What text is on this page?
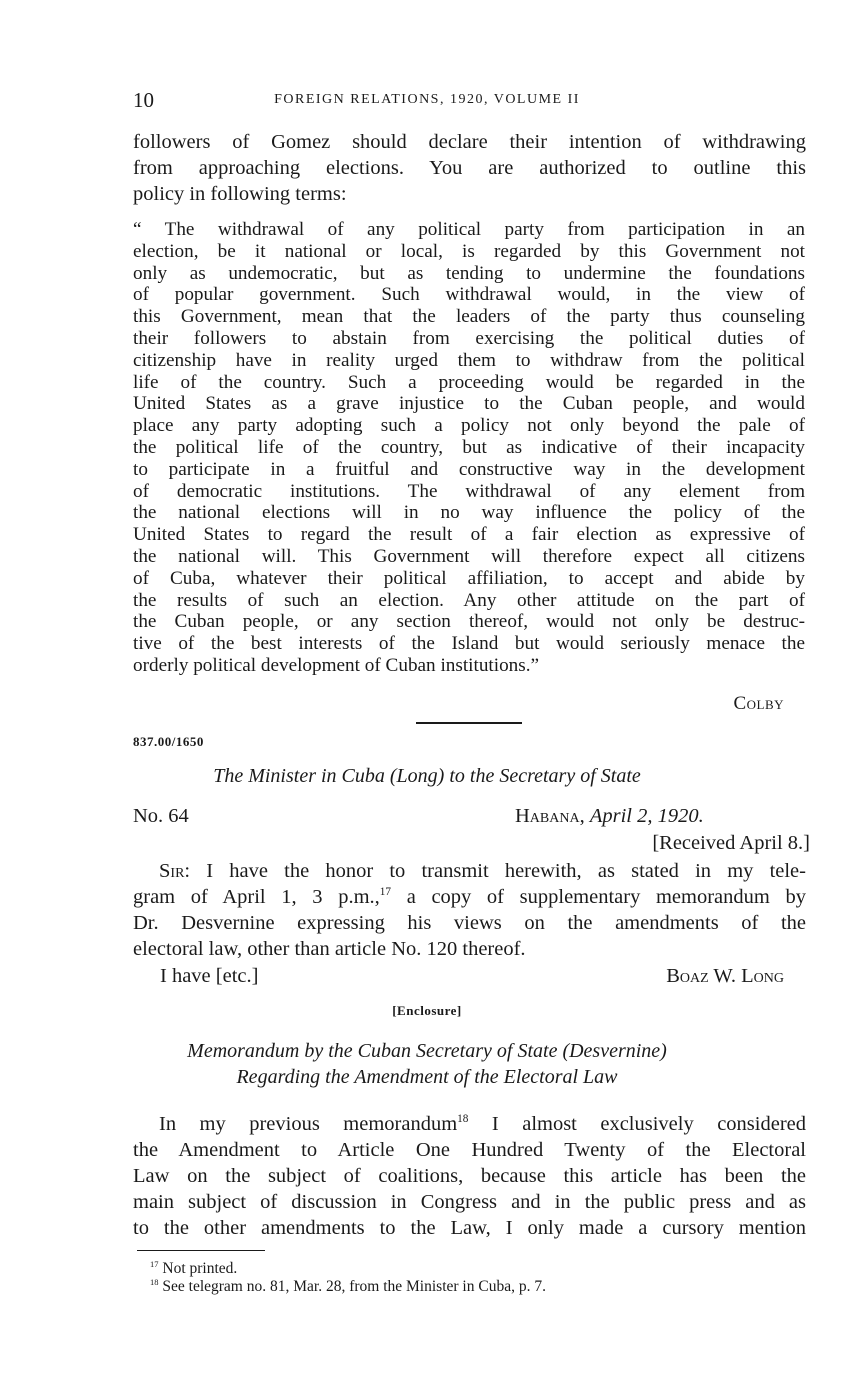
10	FOREIGN RELATIONS, 1920, VOLUME II
followers of Gomez should declare their intention of withdrawing
from approaching elections. You are authorized to outline this
policy in following terms:
“ The withdrawal of any political party from participation in an
election, be it national or local, is regarded by this Government not
only as undemocratic, but as tending to undermine the foundations
of popular government. Such withdrawal would, in the view of
this Government, mean that the leaders of the party thus counseling
their followers to abstain from exercising the political duties of
citizenship have in reality urged them to withdraw from the political
life of the country. Such a proceeding would be regarded in the
United States as a grave injustice to the Cuban people, and would
place any party adopting such a policy not only beyond the pale of
the political life of the country, but as indicative of their incapacity
to participate in a fruitful and constructive way in the development
of democratic institutions. The withdrawal of any element from
the national elections will in no way influence the policy of the
United States to regard the result of a fair election as expressive of
the national will. This Government will therefore expect all citizens
of Cuba, whatever their political affiliation, to accept and abide by
the results of such an election. Any other attitude on the part of
the Cuban people, or any section thereof, would not only be destruc-
tive of the best interests of the Island but would seriously menace the
orderly political development of Cuban institutions.”
Colby
837.00/1650
The Minister in Cuba (Long) to the Secretary of State
No. 64	Habana, April 2, 1920.
[Received April 8.]
Sir: I have the honor to transmit herewith, as stated in my tele-
gram of April 1, 3 p.m.,$^{17}$ a copy of supplementary memorandum by
Dr. Desvernine expressing his views on the amendments of the
electoral law, other than article No. 120 thereof.
I have [etc.]	Boaz W. Long
[Enclosure]
Memorandum by the Cuban Secretary of State (Desvernine)
Regarding the Amendment of the Electoral Law
In my previous memorandum$^{18}$ I almost exclusively considered
the Amendment to Article One Hundred Twenty of the Electoral
Law on the subject of coalitions, because this article has been the
main subject of discussion in Congress and in the public press and as
to the other amendments to the Law, I only made a cursory mention
$^{17}$ Not printed.
$^{18}$ See telegram no. 81, Mar. 28, from the Minister in Cuba, p. 7.
